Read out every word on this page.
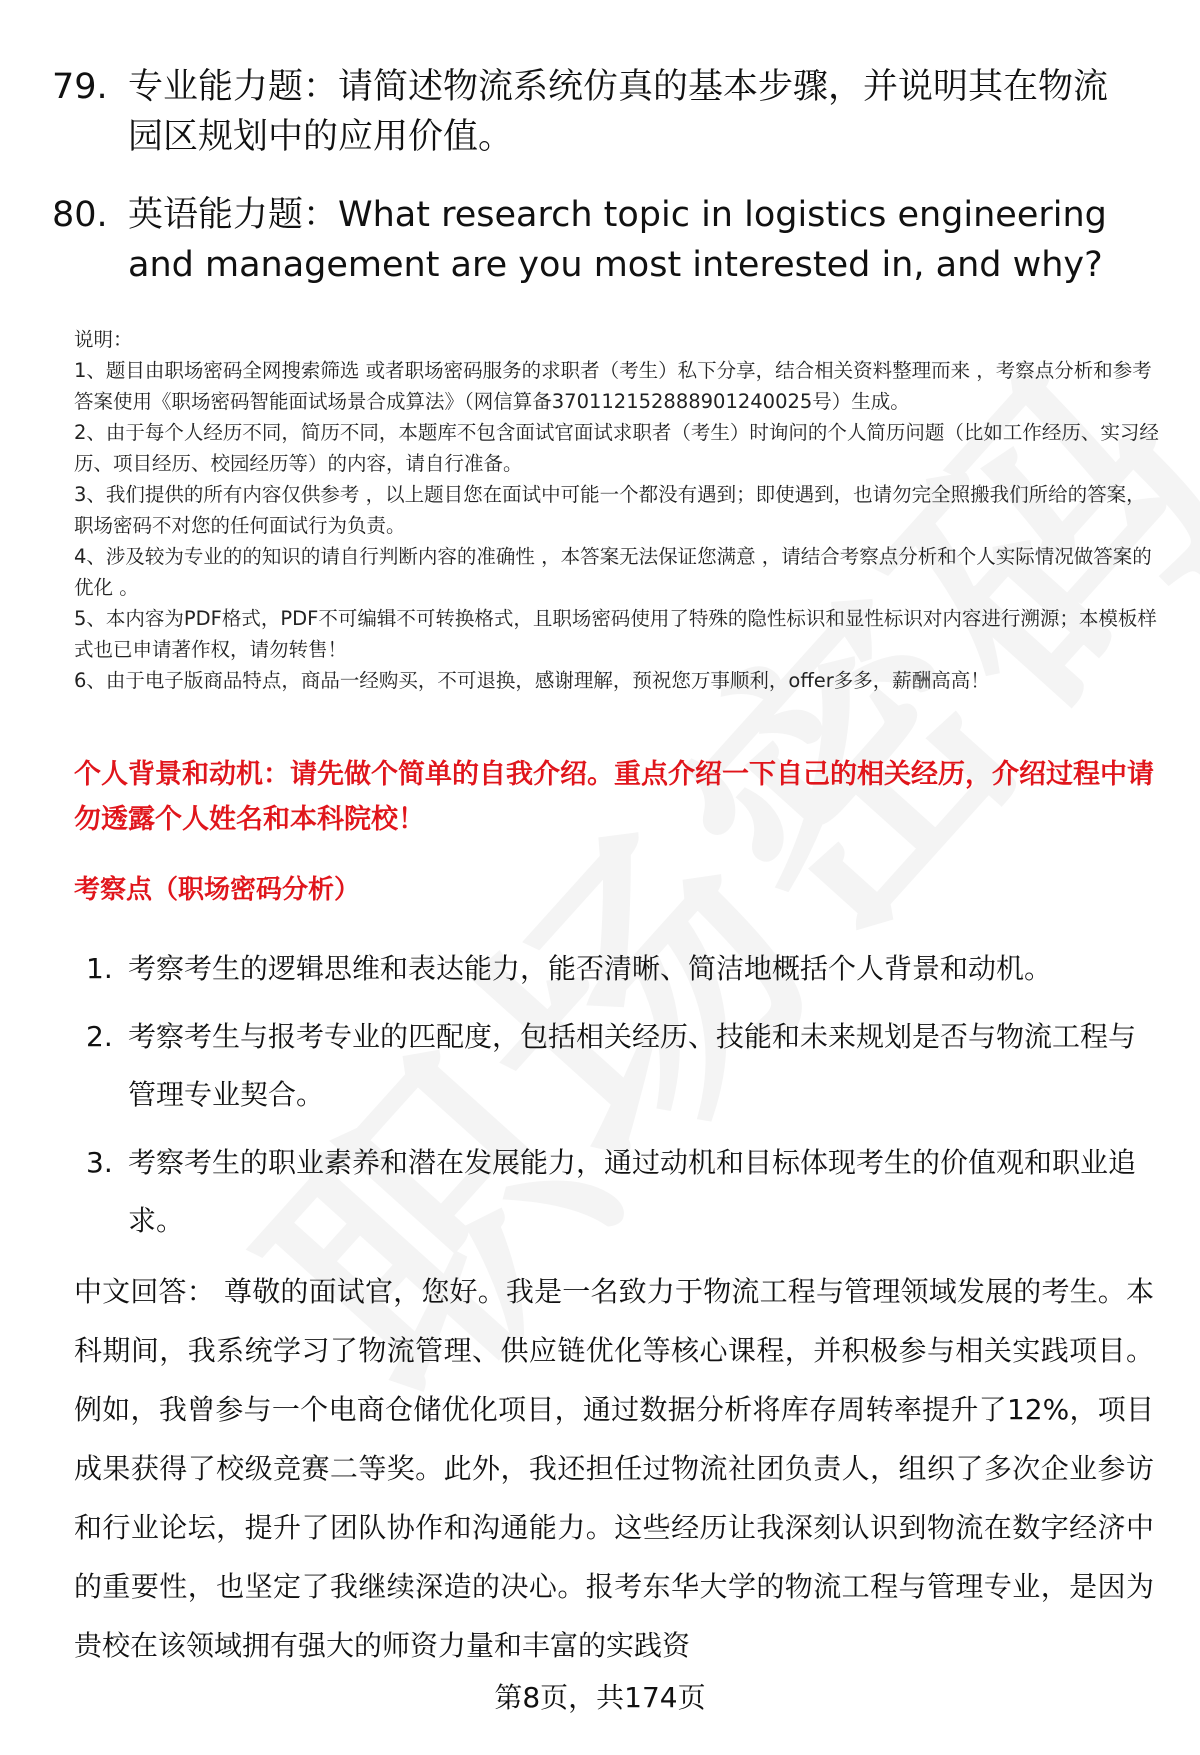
79. 专业能力题：请简述物流系统仿真的基本步骤，并说明其在物流园区规划中的应用价值。
80. 英语能力题：What research topic in logistics engineering and management are you most interested in, and why?

说明：

1、题目由职场密码全网搜索筛选 或者职场密码服务的求职者（考生）私下分享，结合相关资料整理而来 ，考察点分析和参考答案使用《职场密码智能面试场景合成算法》（网信算备370112152888901240025号）生成。

2、由于每个人经历不同，简历不同，本题库不包含面试官面试求职者（考生）时询问的个人简历问题（比如工作经历、实习经历、项目经历、校园经历等）的内容，请自行准备。

3、我们提供的所有内容仅供参考 ，以上题目您在面试中可能一个都没有遇到；即使遇到，也请勿完全照搬我们所给的答案，职场密码不对您的任何面试行为负责。

4、涉及较为专业的的知识的请自行判断内容的准确性 ，本答案无法保证您满意 ，请结合考察点分析和个人实际情况做答案的优化 。

5、本内容为PDF格式，PDF不可编辑不可转换格式，且职场密码使用了特殊的隐性标识和显性标识对内容进行溯源；本模板样式也已申请著作权，请勿转售！

6、由于电子版商品特点，商品一经购买，不可退换，感谢理解，预祝您万事顺利，offer多多，薪酬高高！

个人背景和动机：请先做个简单的自我介绍。重点介绍一下自己的相关经历，介绍过程中请勿透露个人姓名和本科院校！
考察点（职场密码分析）
1. 考察考生的逻辑思维和表达能力，能否清晰、简洁地概括个人背景和动机。
2. 考察考生与报考专业的匹配度，包括相关经历、技能和未来规划是否与物流工程与管理专业契合。
3. 考察考生的职业素养和潜在发展能力，通过动机和目标体现考生的价值观和职业追求。
中文回答： 尊敬的面试官，您好。我是一名致力于物流工程与管理领域发展的考生。本科期间，我系统学习了物流管理、供应链优化等核心课程，并积极参与相关实践项目。例如，我曾参与一个电商仓储优化项目，通过数据分析将库存周转率提升了12%，项目成果获得了校级竞赛二等奖。此外，我还担任过物流社团负责人，组织了多次企业参访和行业论坛，提升了团队协作和沟通能力。这些经历让我深刻认识到物流在数字经济中的重要性，也坚定了我继续深造的决心。报考东华大学的物流工程与管理专业，是因为贵校在该领域拥有强大的师资力量和丰富的实践资
第8页，共174页
